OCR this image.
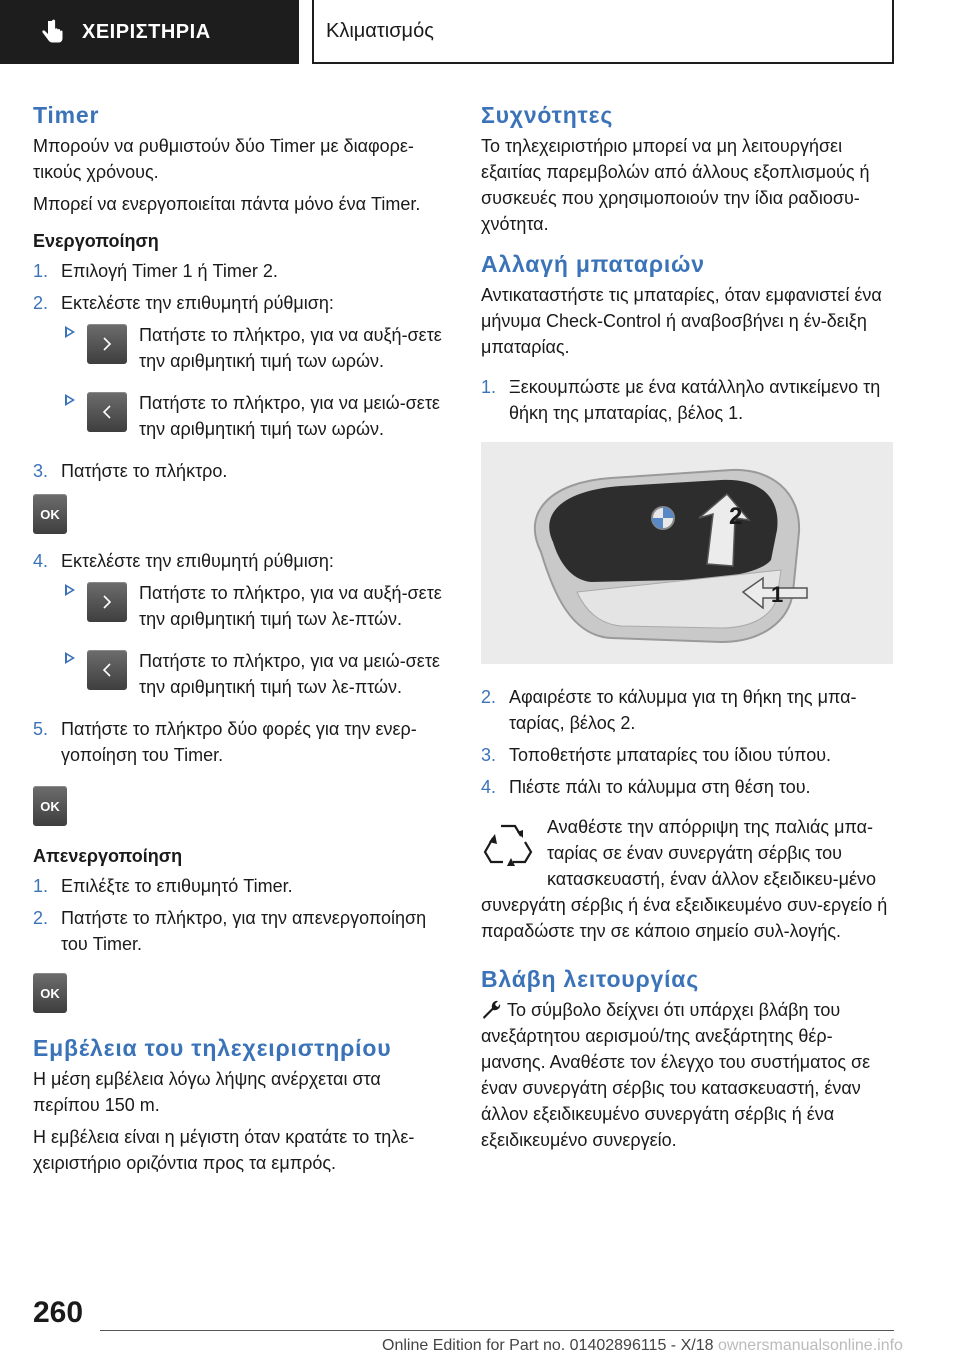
ΧΕΙΡΙΣΤΗΡΙΑ	Κλιματισμός
Timer

Μπορούν να ρυθμιστούν δύο Timer με διαφορε‐τικούς χρόνους.

Μπορεί να ενεργοποιείται πάντα μόνο ένα Timer.

Ενεργοποίηση
1. Επιλογή Timer 1 ή Timer 2.
2. Εκτελέστε την επιθυμητή ρύθμιση:
Πατήστε το πλήκτρο, για να αυξή‐σετε την αριθμητική τιμή των ωρών.
Πατήστε το πλήκτρο, για να μειώ‐σετε την αριθμητική τιμή των ωρών.
3. Πατήστε το πλήκτρο.
OK
4. Εκτελέστε την επιθυμητή ρύθμιση:
Πατήστε το πλήκτρο, για να αυξή‐σετε την αριθμητική τιμή των λε‐πτών.
Πατήστε το πλήκτρο, για να μειώ‐σετε την αριθμητική τιμή των λε‐πτών.
5. Πατήστε το πλήκτρο δύο φορές για την ενερ‐γοποίηση του Timer.
OK
Απενεργοποίηση
1. Επιλέξτε το επιθυμητό Timer.
2. Πατήστε το πλήκτρο, για την απενεργοποίηση του Timer.
OK
Εμβέλεια του τηλεχειριστηρίου

Η μέση εμβέλεια λόγω λήψης ανέρχεται στα περίπου 150 m.

Η εμβέλεια είναι η μέγιστη όταν κρατάτε το τηλε‐χειριστήριο οριζόντια προς τα εμπρός.

Συχνότητες

Το τηλεχειριστήριο μπορεί να μη λειτουργήσει εξαιτίας παρεμβολών από άλλους εξοπλισμούς ή συσκευές που χρησιμοποιούν την ίδια ραδιοσυ‐χνότητα.

Αλλαγή μπαταριών

Αντικαταστήστε τις μπαταρίες, όταν εμφανιστεί ένα μήνυμα Check-Control ή αναβοσβήνει η έν‐δειξη μπαταρίας.

1. Ξεκουμπώστε με ένα κατάλληλο αντικείμενο τη θήκη της μπαταρίας, βέλος 1.
2
1
2. Αφαιρέστε το κάλυμμα για τη θήκη της μπα‐ταρίας, βέλος 2.
3. Τοποθετήστε μπαταρίες του ίδιου τύπου.
4. Πιέστε πάλι το κάλυμμα στη θέση του.

Αναθέστε την απόρριψη της παλιάς μπα‐ταρίας σε έναν συνεργάτη σέρβις του κατασκευαστή, έναν άλλον εξειδικευ‐μένο συνεργάτη σέρβις ή ένα εξειδικευμένο συν‐εργείο ή παραδώστε την σε κάποιο σημείο συλ‐λογής.

Βλάβη λειτουργίας

Το σύμβολο δείχνει ότι υπάρχει βλάβη του ανεξάρτητου αερισμού/της ανεξάρτητης θέρ‐μανσης. Αναθέστε τον έλεγχο του συστήματος σε έναν συνεργάτη σέρβις του κατασκευαστή, έναν άλλον εξειδικευμένο συνεργάτη σέρβις ή ένα εξειδικευμένο συνεργείο.

260
Online Edition for Part no. 01402896115 - X/18 ownersmanualsonline.info
